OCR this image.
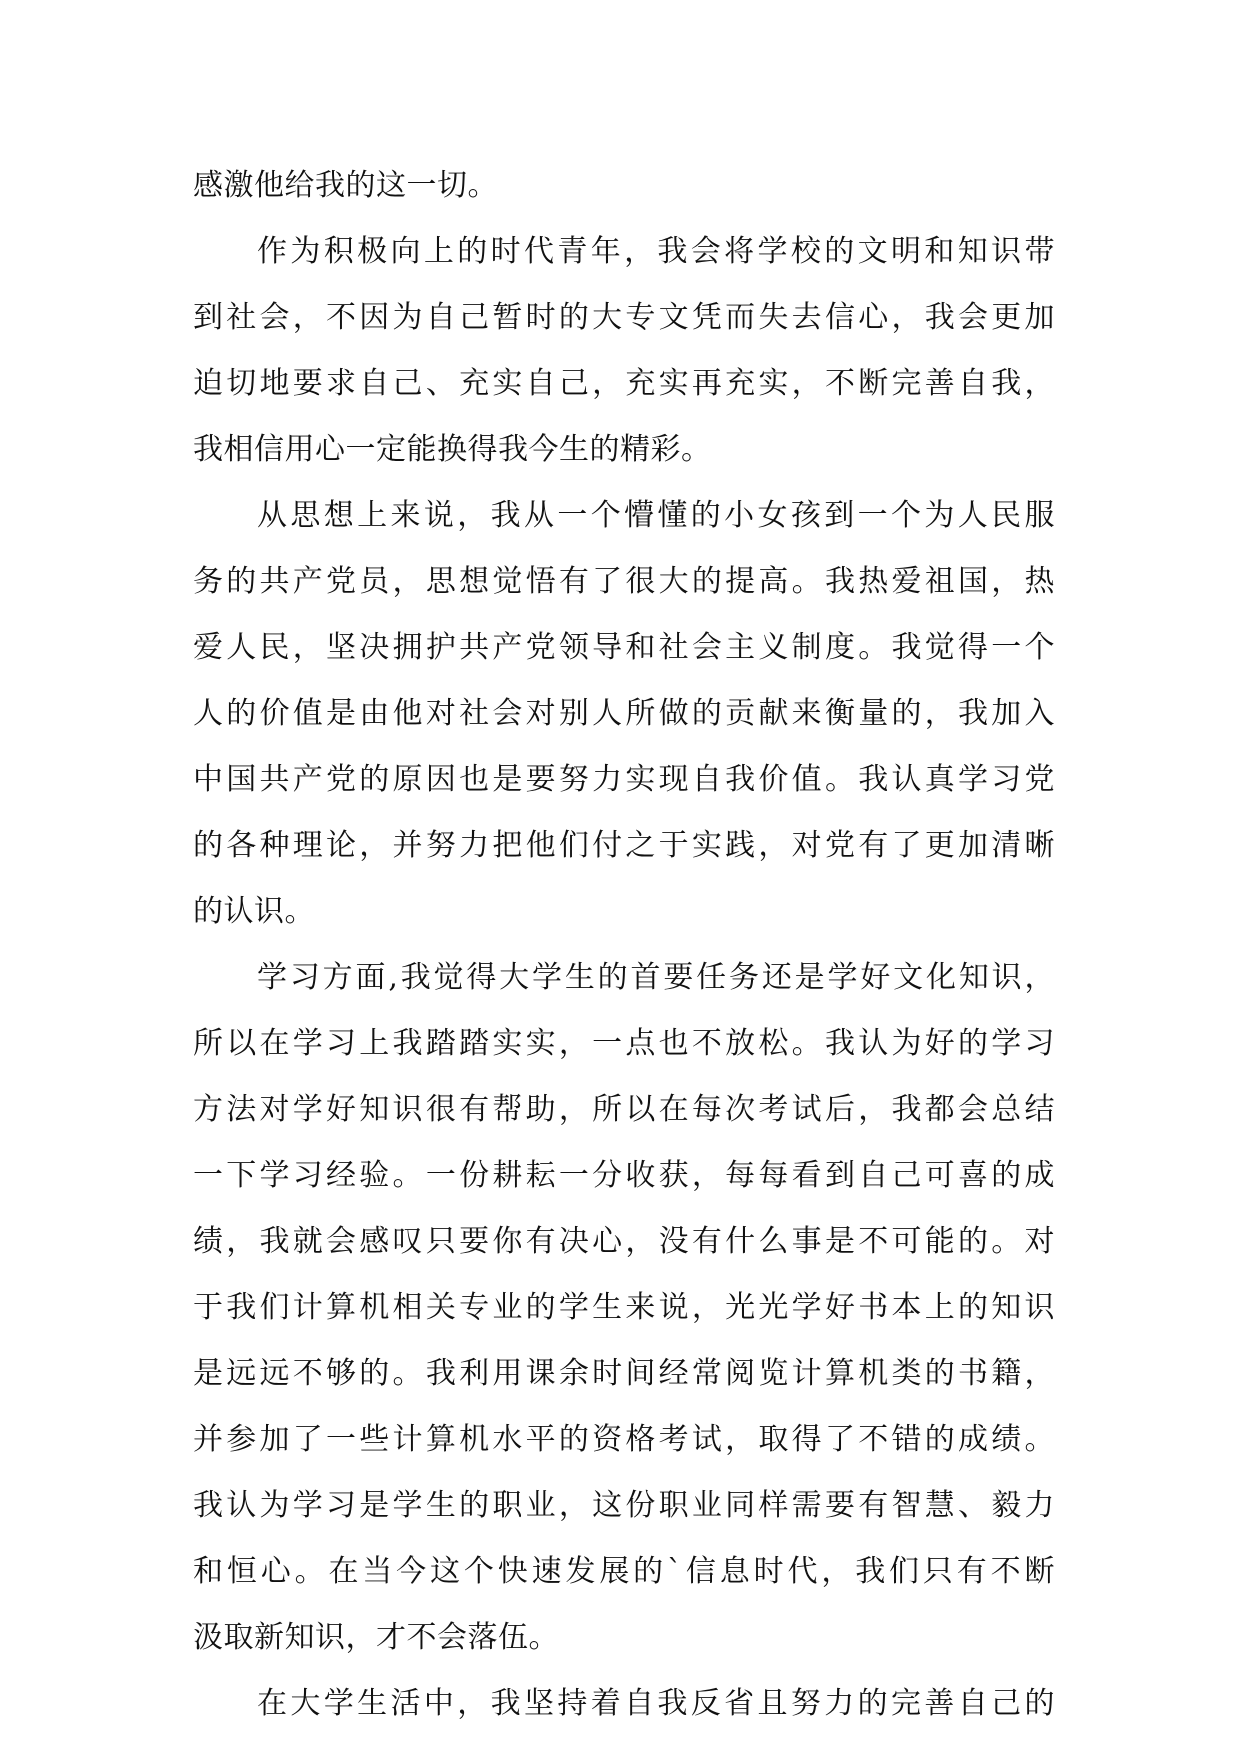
感激他给我的这一切。
作为积极向上的时代青年，我会将学校的文明和知识带
到社会，不因为自己暂时的大专文凭而失去信心，我会更加
迫切地要求自己、充实自己，充实再充实，不断完善自我，
我相信用心一定能换得我今生的精彩。
从思想上来说，我从一个懵懂的小女孩到一个为人民服
务的共产党员，思想觉悟有了很大的提高。我热爱祖国，热
爱人民，坚决拥护共产党领导和社会主义制度。我觉得一个
人的价值是由他对社会对别人所做的贡献来衡量的，我加入
中国共产党的原因也是要努力实现自我价值。我认真学习党
的各种理论，并努力把他们付之于实践，对党有了更加清晰
的认识。
学习方面,我觉得大学生的首要任务还是学好文化知识，
所以在学习上我踏踏实实，一点也不放松。我认为好的学习
方法对学好知识很有帮助，所以在每次考试后，我都会总结
一下学习经验。一份耕耘一分收获，每每看到自己可喜的成
绩，我就会感叹只要你有决心，没有什么事是不可能的。对
于我们计算机相关专业的学生来说，光光学好书本上的知识
是远远不够的。我利用课余时间经常阅览计算机类的书籍，
并参加了一些计算机水平的资格考试，取得了不错的成绩。
我认为学习是学生的职业，这份职业同样需要有智慧、毅力
和恒心。在当今这个快速发展的`信息时代，我们只有不断
汲取新知识，才不会落伍。
在大学生活中，我坚持着自我反省且努力的完善自己的
